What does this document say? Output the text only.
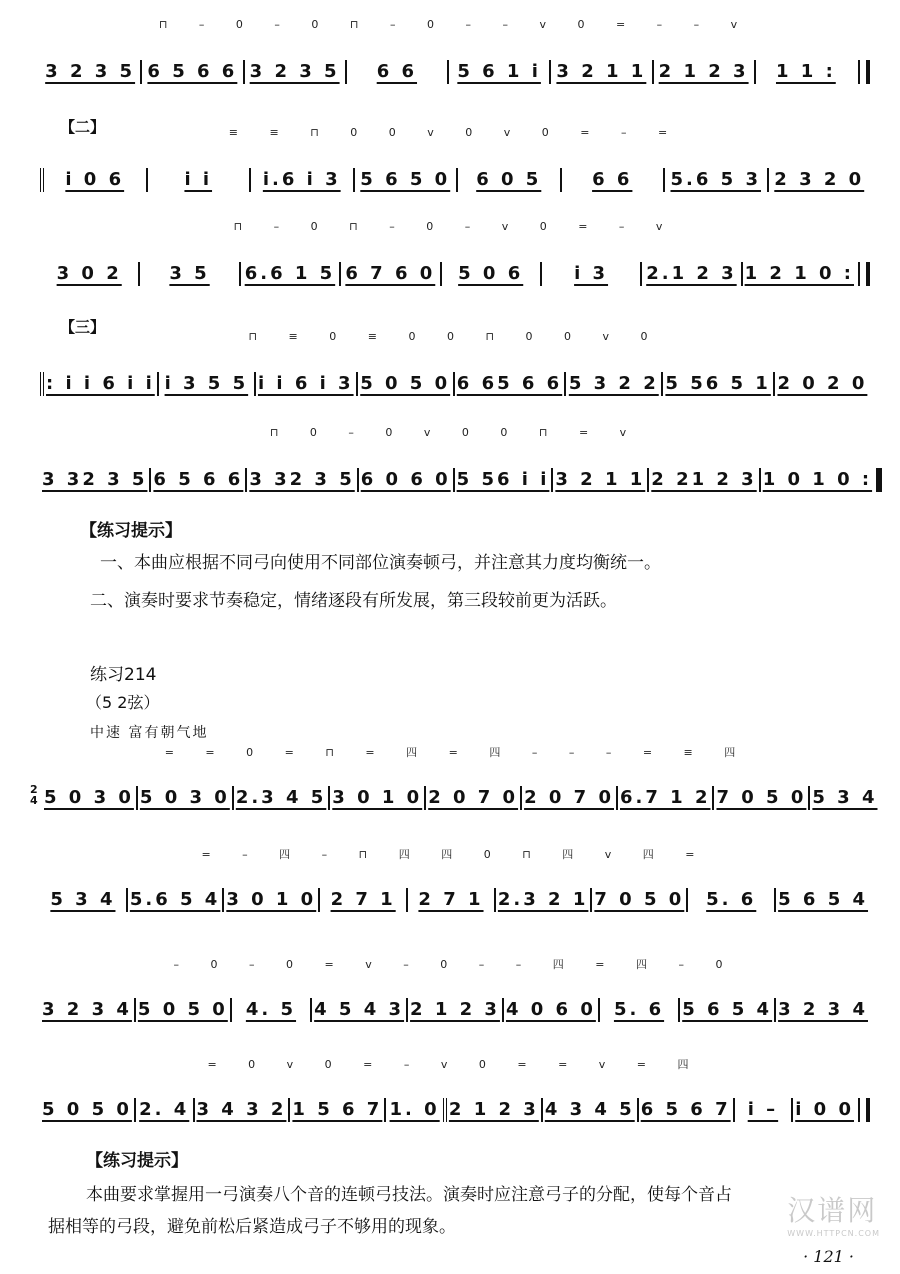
⊓ – 0 – 0 ⊓ – 0 – – v 0 = – – v
3 2 3 5 6 5 6 6 3 2 3 5	6 6	5 6 1 i 3 2 1 1 2 1 2 3	1 1 :
【二】	≡ ≡ ⊓ 0 0 v 0 v 0 = – =
i 0 6	i i	i.6 i 3	5 6 5 0	6 0 5	6 6	5.6 5 3 2 3 2 0
⊓ – 0 ⊓ – 0 – v 0 = – v
3 0 2	3 5	6.6 1 5 6 7 6 0	5 0 6	i 3	2.1 2 3 1 2 1 0 :
【三】
⊓ ≡ 0 ≡ 0 0 ⊓ 0 0 v 0
: i i 6 i i i 3 5 5 i i 6 i 3 5 0 5 0 6 65 6 6 5 3 2 2 5 56 5 1 2 0 2 0
⊓ 0 – 0 v 0 0 ⊓ = v
3 32 3 5 6 5 6 6 3 32 3 5 6 0 6 0 5 56 i i 3 2 1 1 2 21 2 3 1 0 1 0 :
【练习提示】
一、本曲应根据不同弓向使用不同部位演奏顿弓，并注意其力度均衡统一。
二、演奏时要求节奏稳定，情绪逐段有所发展，第三段较前更为活跃。
练习214
（5 2弦）
中速 富有朝气地
2
4
= = 0 = ⊓ = 四 = 四 – – – = ≡ 四
5 0 3 0 5 0 3 0 2.3 4 5 3 0 1 0 2 0 7 0 2 0 7 0 6.7 1 2 7 0 5 0 5 3 4
= – 四 – ⊓ 四 四 0 ⊓ 四 v 四 =
5 3 4 5.6 5 4 3 0 1 0 2 7 1	2 7 1 2.3 2 1 7 0 5 0	5. 6	5 6 5 4
– 0 – 0 = v – 0 – – 四 = 四 – 0
3 2 3 4 5 0 5 0	4. 5	4 5 4 3 2 1 2 3 4 0 6 0	5. 6	5 6 5 4 3 2 3 4
= 0 v 0 = – v 0 = = v = 四
5 0 5 0 2. 4 3 4 3 2 1 5 6 7 1. 0 2 1 2 3 4 3 4 5 6 5 6 7 i – i 0 0
【练习提示】
本曲要求掌握用一弓演奏八个音的连顿弓技法。演奏时应注意弓子的分配，使每个音占
据相等的弓段，避免前松后紧造成弓子不够用的现象。	汉谱网
WWW.HTTPCN.COM
· 121 ·
